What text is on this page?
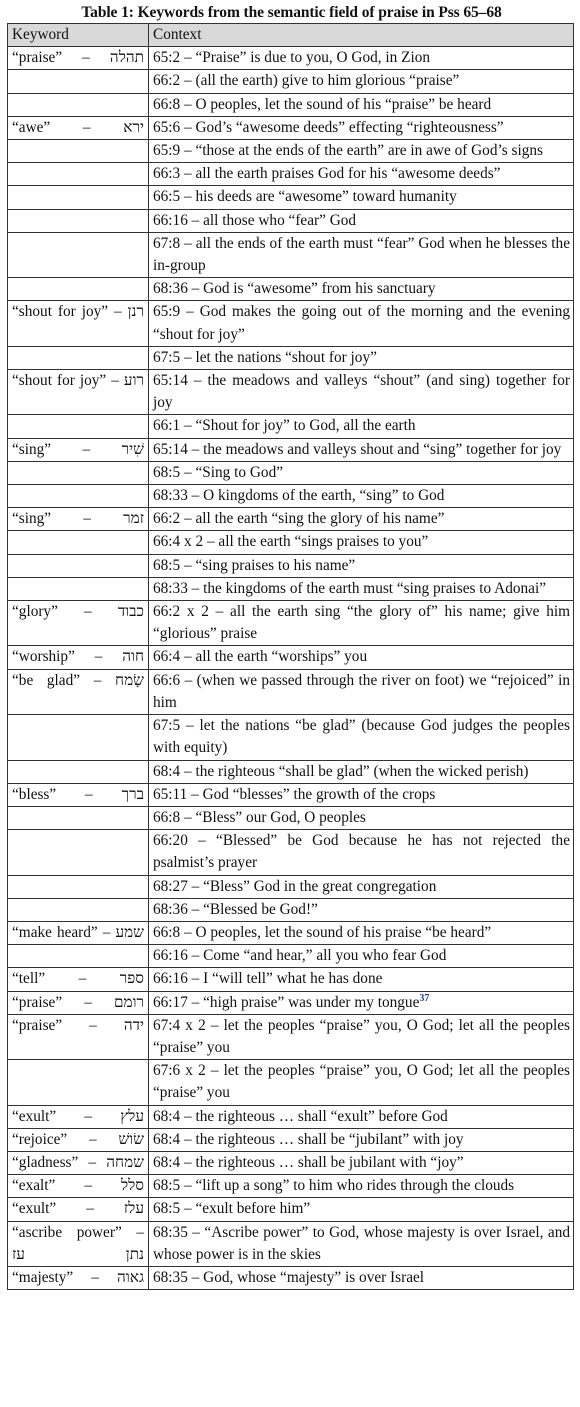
Table 1: Keywords from the semantic field of praise in Pss 65–68
Keyword	Context
“praise” – תהלה	65:2 – “Praise” is due to you, O God, in Zion
	66:2 – (all the earth) give to him glorious “praise”
	66:8 – O peoples, let the sound of his “praise” be heard
“awe” – ירא	65:6 – God’s “awesome deeds” effecting “righteousness”
	65:9 – “those at the ends of the earth” are in awe of God’s signs
	66:3 – all the earth praises God for his “awesome deeds”
	66:5 – his deeds are “awesome” toward humanity
	66:16 – all those who “fear” God
	67:8 – all the ends of the earth must “fear” God when he blesses the in-group
	68:36 – God is “awesome” from his sanctuary
“shout for joy” – רנן	65:9 – God makes the going out of the morning and the evening “shout for joy”
	67:5 – let the nations “shout for joy”
“shout for joy” – רוע	65:14 – the meadows and valleys “shout” (and sing) together for joy
	66:1 – “Shout for joy” to God, all the earth
“sing” – שִׁיר	65:14 – the meadows and valleys shout and “sing” together for joy
	68:5 – “Sing to God”
	68:33 – O kingdoms of the earth, “sing” to God
“sing” – זמר	66:2 – all the earth “sing the glory of his name”
	66:4 x 2 – all the earth “sings praises to you”
	68:5 – “sing praises to his name”
	68:33 – the kingdoms of the earth must “sing praises to Adonai”
“glory” – כבוד	66:2 x 2 – all the earth sing “the glory of” his name; give him “glorious” praise
“worship” – חוה	66:4 – all the earth “worships” you
“be glad” – שָׂמח	66:6 – (when we passed through the river on foot) we “rejoiced” in him
	67:5 – let the nations “be glad” (because God judges the peoples with equity)
	68:4 – the righteous “shall be glad” (when the wicked perish)
“bless” – ברך	65:11 – God “blesses” the growth of the crops
	66:8 – “Bless” our God, O peoples
	66:20 – “Blessed” be God because he has not rejected the psalmist’s prayer
	68:27 – “Bless” God in the great congregation
	68:36 – “Blessed be God!”
“make heard” – שמע	66:8 – O peoples, let the sound of his praise “be heard”
	66:16 – Come “and hear,” all you who fear God
“tell” – ספר	66:16 – I “will tell” what he has done
“praise” – רומם	66:17 – “high praise” was under my tongue$^{37}$
“praise” – ידה	67:4 x 2 – let the peoples “praise” you, O God; let all the peoples “praise” you
	67:6 x 2 – let the peoples “praise” you, O God; let all the peoples “praise” you
“exult” – עלץ	68:4 – the righteous … shall “exult” before God
“rejoice” – שׂושׁ	68:4 – the righteous … shall be “jubilant” with joy
“gladness” – שמחה	68:4 – the righteous … shall be jubilant with “joy”
“exalt” – סלל	68:5 – “lift up a song” to him who rides through the clouds
“exult” – עלז	68:5 – “exult before him”
“ascribe power” – נתן עז	68:35 – “Ascribe power” to God, whose majesty is over Israel, and whose power is in the skies
“majesty” – גאוה	68:35 – God, whose “majesty” is over Israel
